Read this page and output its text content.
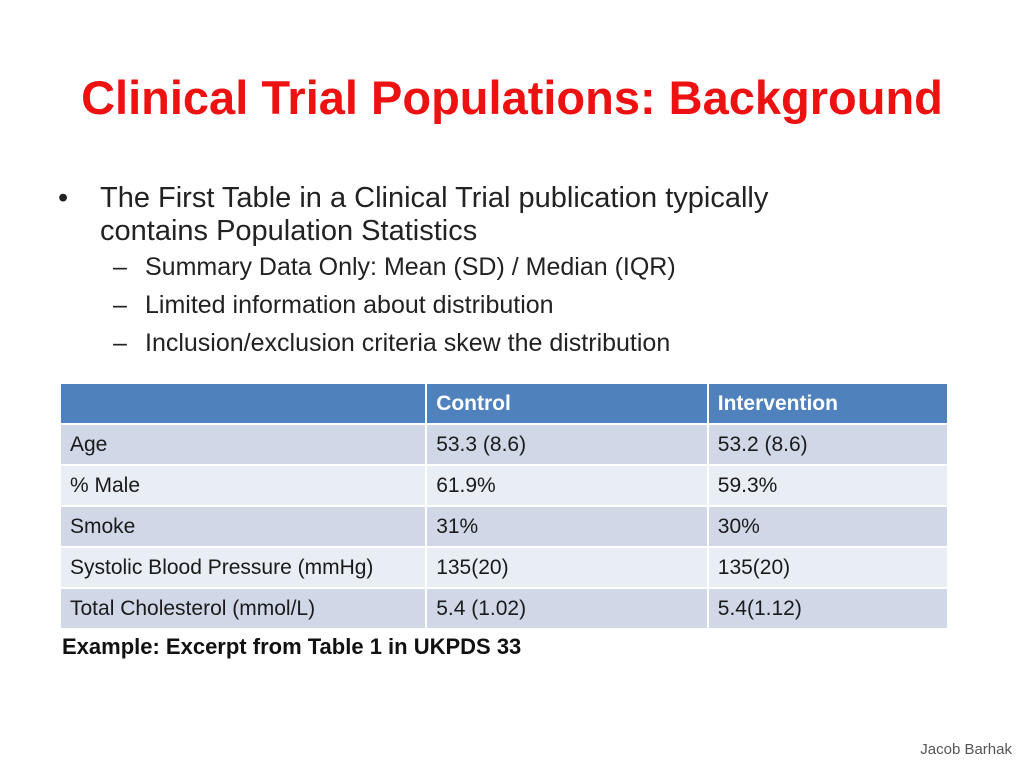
Clinical Trial Populations: Background
•	The First Table in a Clinical Trial publication typically
contains Population Statistics
– Summary Data Only: Mean (SD) / Median (IQR)
– Limited information about distribution
– Inclusion/exclusion criteria skew the distribution
	Control	Intervention
Age	53.3 (8.6)	53.2 (8.6)
% Male	61.9%	59.3%
Smoke	31%	30%
Systolic Blood Pressure (mmHg)	135(20)	135(20)
Total Cholesterol (mmol/L)	5.4 (1.02)	5.4(1.12)
Example: Excerpt from Table 1 in UKPDS 33
Jacob Barhak
